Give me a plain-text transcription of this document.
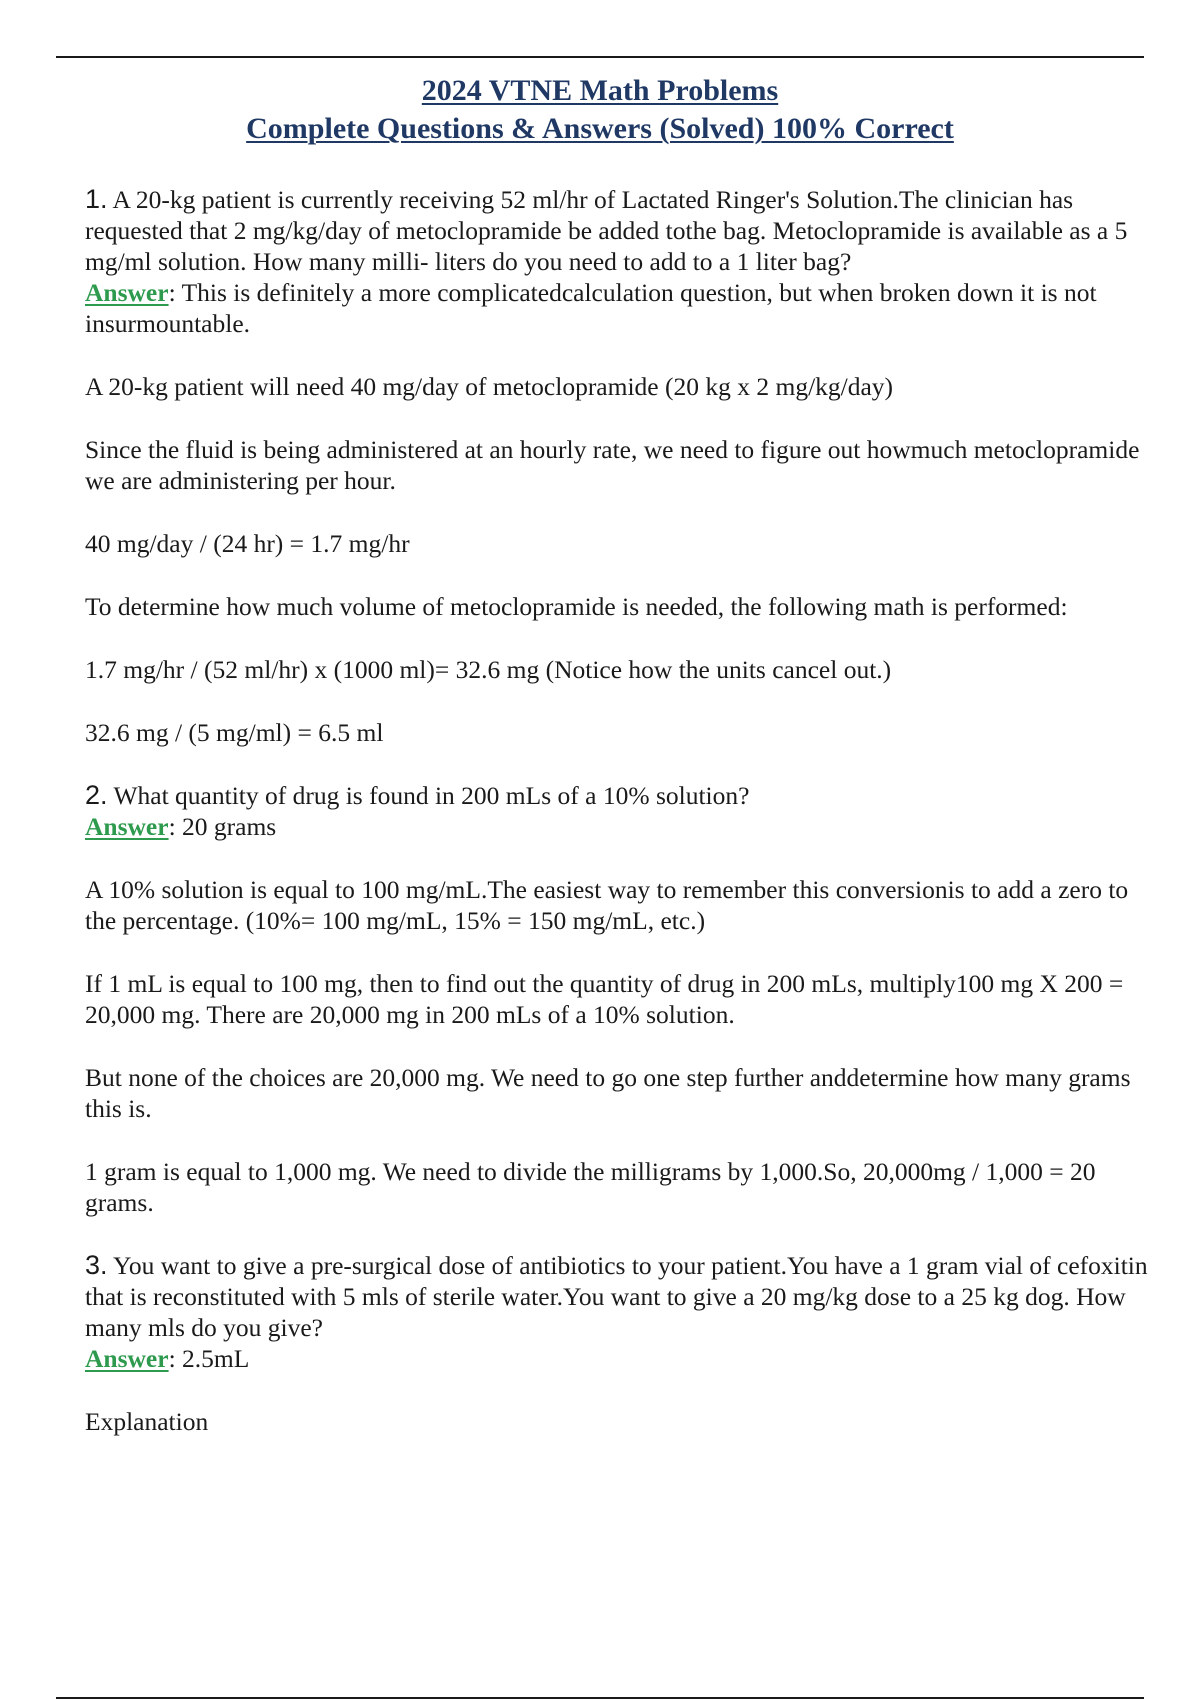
2024 VTNE Math Problems
Complete Questions & Answers (Solved) 100% Correct

1. A 20-kg patient is currently receiving 52 ml/hr of Lactated Ringer's Solution.The clinician has requested that 2 mg/kg/day of metoclopramide be added tothe bag. Metoclopramide is available as a 5 mg/ml solution. How many milli- liters do you need to add to a 1 liter bag?

Answer: This is definitely a more complicatedcalculation question, but when broken down it is not insurmountable.

A 20-kg patient will need 40 mg/day of metoclopramide (20 kg x 2 mg/kg/day)

Since the fluid is being administered at an hourly rate, we need to figure out howmuch metoclopramide we are administering per hour.

40 mg/day / (24 hr) = 1.7 mg/hr

To determine how much volume of metoclopramide is needed, the following math is performed:

1.7 mg/hr / (52 ml/hr) x (1000 ml)= 32.6 mg (Notice how the units cancel out.)

32.6 mg / (5 mg/ml) = 6.5 ml

2. What quantity of drug is found in 200 mLs of a 10% solution?

Answer: 20 grams

A 10% solution is equal to 100 mg/mL.The easiest way to remember this conversionis to add a zero to the percentage. (10%= 100 mg/mL, 15% = 150 mg/mL, etc.)

If 1 mL is equal to 100 mg, then to find out the quantity of drug in 200 mLs, multiply100 mg X 200 = 20,000 mg. There are 20,000 mg in 200 mLs of a 10% solution.

But none of the choices are 20,000 mg. We need to go one step further anddetermine how many grams this is.

1 gram is equal to 1,000 mg. We need to divide the milligrams by 1,000.So, 20,000mg / 1,000 = 20 grams.

3. You want to give a pre-surgical dose of antibiotics to your patient.You have a 1 gram vial of cefoxitin that is reconstituted with 5 mls of sterile water.You want to give a 20 mg/kg dose to a 25 kg dog. How many mls do you give?

Answer: 2.5mL

Explanation
